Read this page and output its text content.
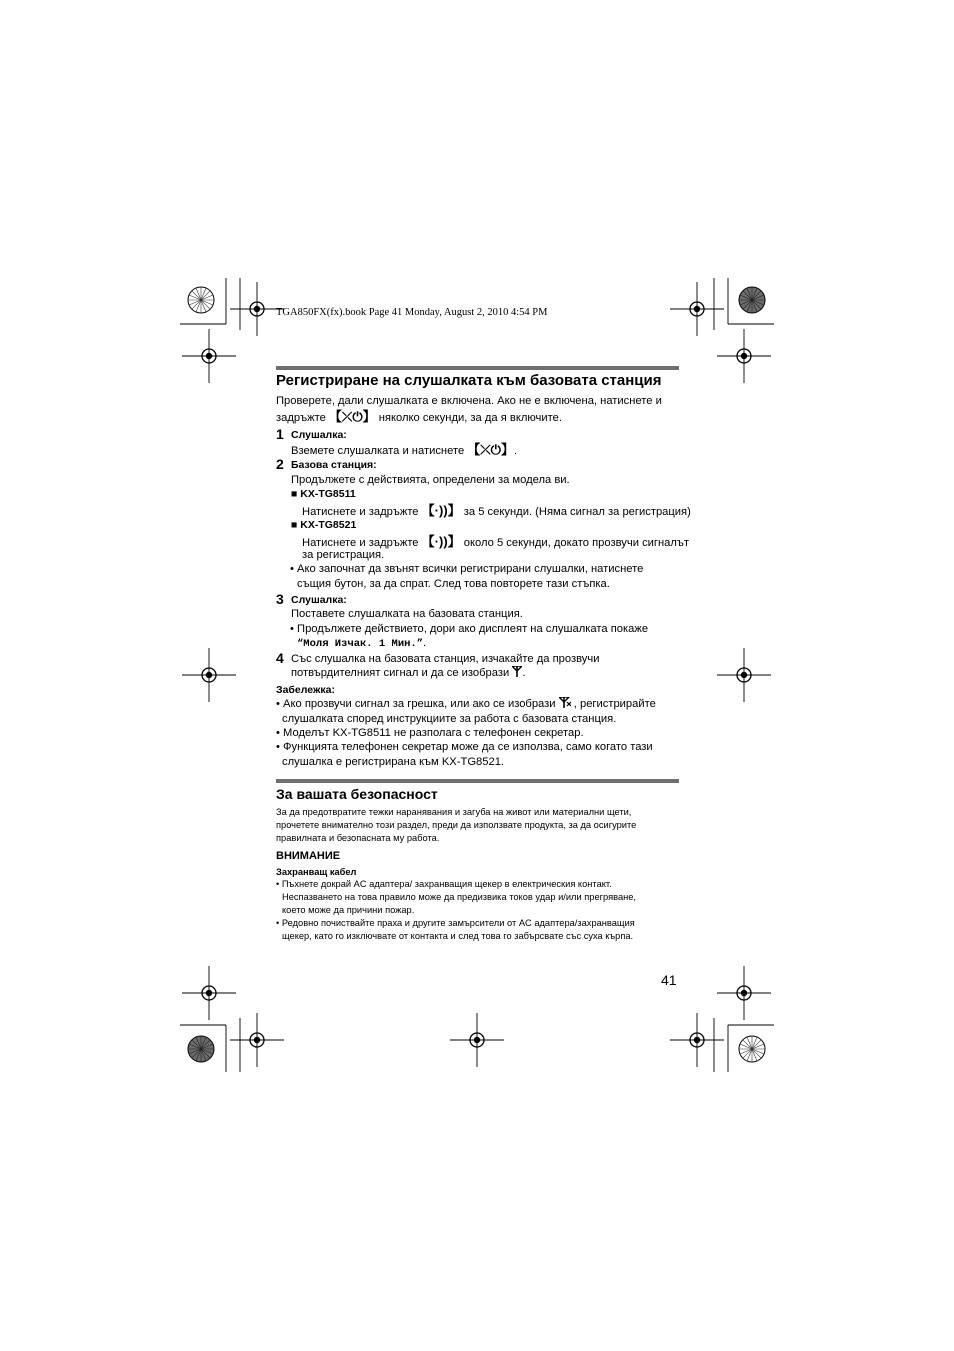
TGA850FX(fx).book Page 41 Monday, August 2, 2010 4:54 PM
Регистриране на слушалката към базовата станция
Проверете, дали слушалката е включена. Ако не е включена, натиснете и
задръжте 【⤫⏻】 няколко секунди, за да я включите.
1 Слушалка:
Вземете слушалката и натиснете 【⤫⏻】.
2 Базова станция:
Продължете с действията, определени за модела ви.
■ KX-TG8511
Натиснете и задръжте 【·))】 за 5 секунди. (Няма сигнал за регистрация)
■ KX-TG8521
Натиснете и задръжте 【·))】 около 5 секунди, докато прозвучи сигналът
за регистрация.
• Ако започнат да звънят всички регистрирани слушалки, натиснете
същия бутон, за да спрат. След това повторете тази стъпка.
3 Слушалка:
Поставете слушалката на базовата станция.
• Продължете действието, дори ако дисплеят на слушалката покаже
“Моля Изчак. 1 Мин.”.
4 Със слушалка на базовата станция, изчакайте да прозвучи
потвърдителният сигнал и да се изобрази .
Забележка:
• Ако прозвучи сигнал за грешка, или ако се изобрази , регистрирайте
слушалката според инструкциите за работа с базовата станция.
• Моделът KX-TG8511 не разполага с телефонен секретар.
• Функцията телефонен секретар може да се използва, само когато тази
слушалка е регистрирана към KX-TG8521.
За вашата безопасност
За да предотвратите тежки наранявания и загуба на живот или материални щети,
прочетете внимателно този раздел, преди да използвате продукта, за да осигурите
правилната и безопасната му работа.
ВНИМАНИЕ
Захранващ кабел
• Пъхнете докрай AC адаптера/ захранващия щекер в електрическия контакт.
Неспазването на това правило може да предизвика токов удар и/или прегряване,
което може да причини пожар.
• Редовно почиствайте праха и другите замърсители от AC адаптера/захранващия
щекер, като го изключвате от контакта и след това го забърсвате със суха кърпа.
41
